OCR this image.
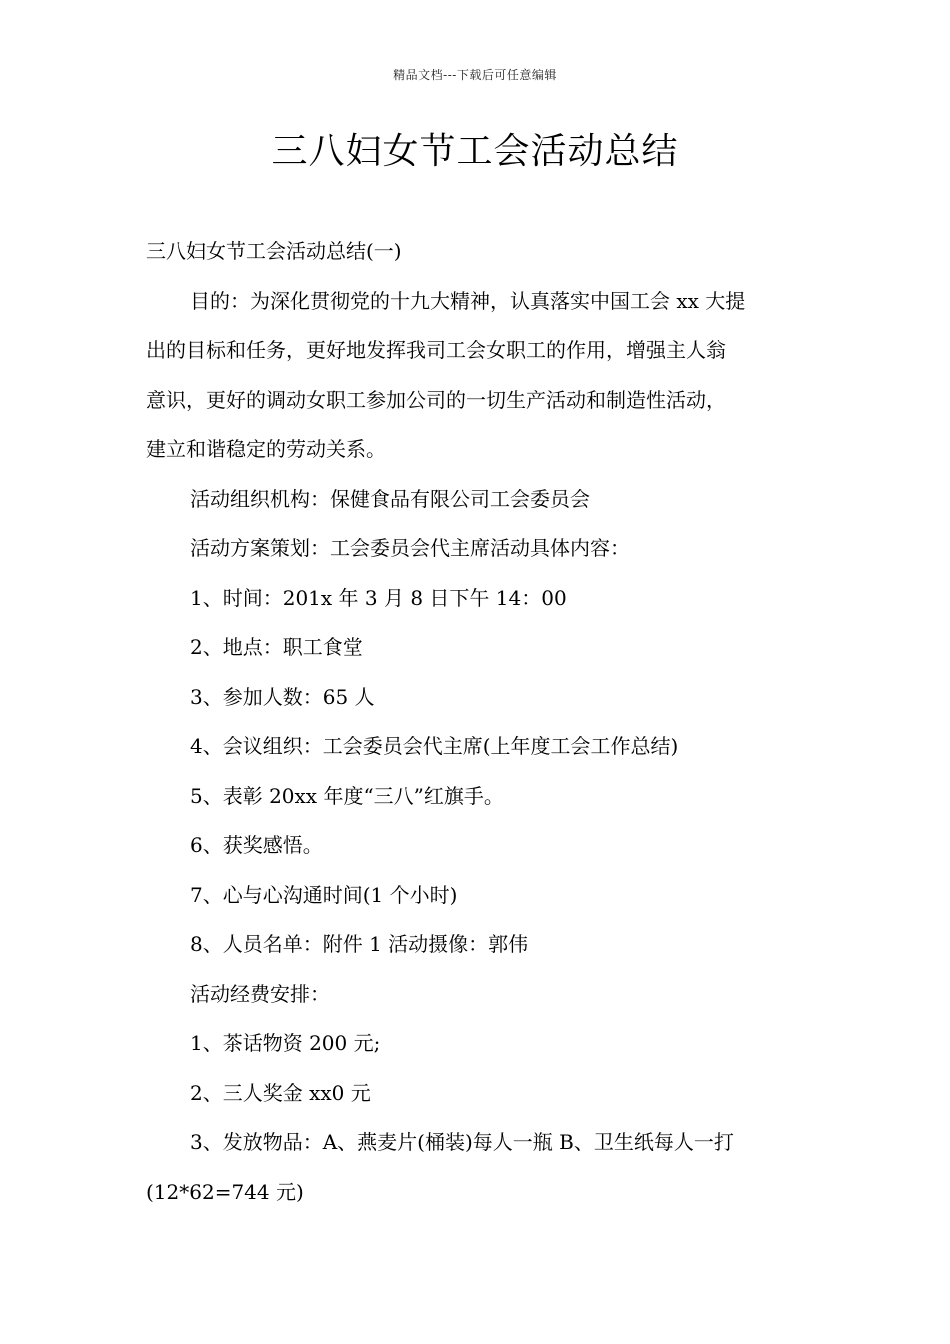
精品文档---下载后可任意编辑
三八妇女节工会活动总结
三八妇女节工会活动总结(一)
目的：为深化贯彻党的十九大精神，认真落实中国工会 xx 大提
出的目标和任务，更好地发挥我司工会女职工的作用，增强主人翁
意识，更好的调动女职工参加公司的一切生产活动和制造性活动，
建立和谐稳定的劳动关系。
活动组织机构：保健食品有限公司工会委员会
活动方案策划：工会委员会代主席活动具体内容：
1、时间：201x 年 3 月 8 日下午 14：00
2、地点：职工食堂
3、参加人数：65 人
4、会议组织：工会委员会代主席(上年度工会工作总结)
5、表彰 20xx 年度“三八”红旗手。
6、获奖感悟。
7、心与心沟通时间(1 个小时)
8、人员名单：附件 1 活动摄像：郭伟
活动经费安排：
1、茶话物资 200 元;
2、三人奖金 xx0 元
3、发放物品：A、燕麦片(桶装)每人一瓶 B、卫生纸每人一打
(12*62=744 元)
